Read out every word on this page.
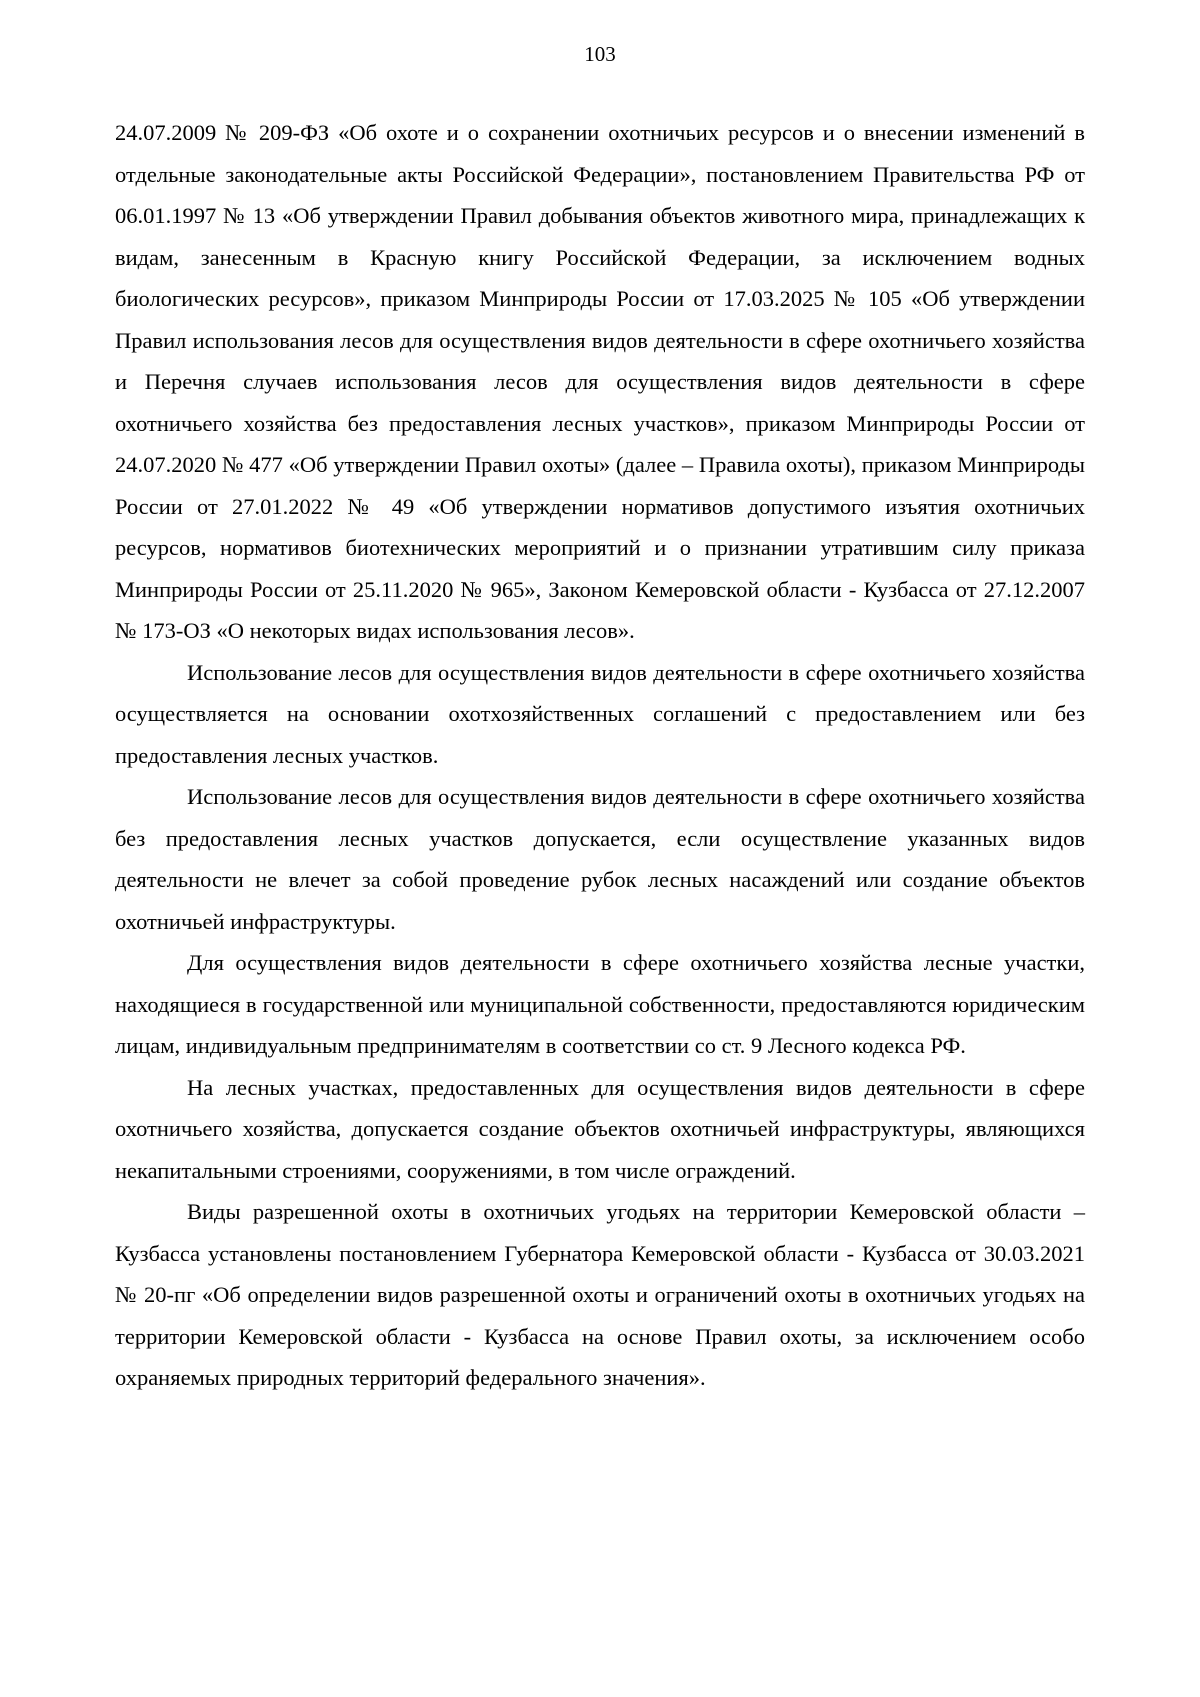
103

24.07.2009 № 209-ФЗ «Об охоте и о сохранении охотничьих ресурсов и о внесении изменений в отдельные законодательные акты Российской Федерации», постановлением Правительства РФ от 06.01.1997 № 13 «Об утверждении Правил добывания объектов животного мира, принадлежащих к видам, занесенным в Красную книгу Российской Федерации, за исключением водных биологических ресурсов», приказом Минприроды России от 17.03.2025 № 105 «Об утверждении Правил использования лесов для осуществления видов деятельности в сфере охотничьего хозяйства и Перечня случаев использования лесов для осуществления видов деятельности в сфере охотничьего хозяйства без предоставления лесных участков», приказом Минприроды России от 24.07.2020 № 477 «Об утверждении Правил охоты» (далее – Правила охоты), приказом Минприроды России от 27.01.2022 № 49 «Об утверждении нормативов допустимого изъятия охотничьих ресурсов, нормативов биотехнических мероприятий и о признании утратившим силу приказа Минприроды России от 25.11.2020 № 965», Законом Кемеровской области - Кузбасса от 27.12.2007 № 173-ОЗ «О некоторых видах использования лесов».

Использование лесов для осуществления видов деятельности в сфере охотничьего хозяйства осуществляется на основании охотхозяйственных соглашений с предоставлением или без предоставления лесных участков.

Использование лесов для осуществления видов деятельности в сфере охотничьего хозяйства без предоставления лесных участков допускается, если осуществление указанных видов деятельности не влечет за собой проведение рубок лесных насаждений или создание объектов охотничьей инфраструктуры.

Для осуществления видов деятельности в сфере охотничьего хозяйства лесные участки, находящиеся в государственной или муниципальной собственности, предоставляются юридическим лицам, индивидуальным предпринимателям в соответствии со ст. 9 Лесного кодекса РФ.

На лесных участках, предоставленных для осуществления видов деятельности в сфере охотничьего хозяйства, допускается создание объектов охотничьей инфраструктуры, являющихся некапитальными строениями, сооружениями, в том числе ограждений.

Виды разрешенной охоты в охотничьих угодьях на территории Кемеровской области – Кузбасса установлены постановлением Губернатора Кемеровской области - Кузбасса от 30.03.2021 № 20-пг «Об определении видов разрешенной охоты и ограничений охоты в охотничьих угодьях на территории Кемеровской области - Кузбасса на основе Правил охоты, за исключением особо охраняемых природных территорий федерального значения».
